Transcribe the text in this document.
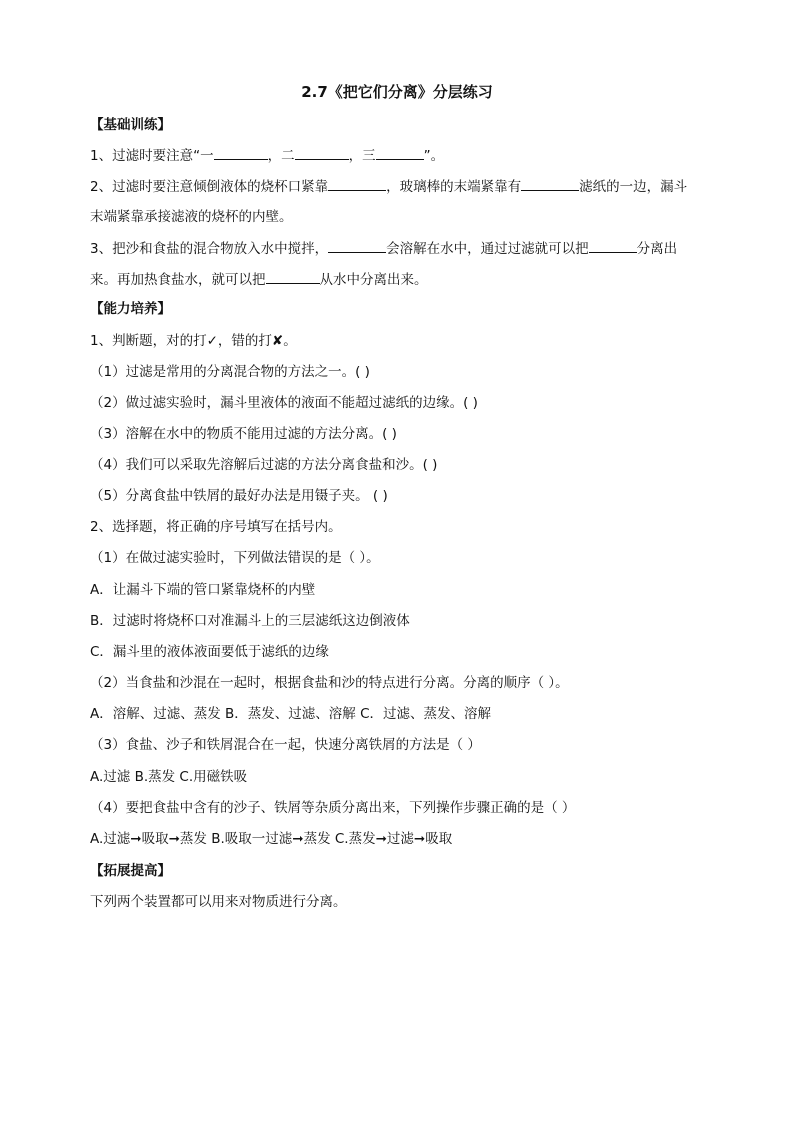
2.7《把它们分离》分层练习
【基础训练】
1、过滤时要注意“一	，二	，三	”。
2、过滤时要注意倾倒液体的烧杯口紧靠	，玻璃棒的末端紧靠有	滤纸的一边，漏斗
末端紧靠承接滤液的烧杯的内壁。
3、把沙和食盐的混合物放入水中搅拌，	会溶解在水中，通过过滤就可以把	分离出
来。再加热食盐水，就可以把	从水中分离出来。
【能力培养】
1、判断题，对的打✓，错的打✘。
（1）过滤是常用的分离混合物的方法之一。( )
（2）做过滤实验时，漏斗里液体的液面不能超过滤纸的边缘。( )
（3）溶解在水中的物质不能用过滤的方法分离。( )
（4）我们可以采取先溶解后过滤的方法分离食盐和沙。( )
（5）分离食盐中铁屑的最好办法是用镊子夹。 ( )
2、选择题，将正确的序号填写在括号内。
（1）在做过滤实验时，下列做法错误的是（ ）。
A．让漏斗下端的管口紧靠烧杯的内壁
B．过滤时将烧杯口对准漏斗上的三层滤纸这边倒液体
C．漏斗里的液体液面要低于滤纸的边缘
（2）当食盐和沙混在一起时，根据食盐和沙的特点进行分离。分离的顺序（ ）。
A．溶解、过滤、蒸发 B．蒸发、过滤、溶解 C．过滤、蒸发、溶解
（3）食盐、沙子和铁屑混合在一起，快速分离铁屑的方法是（ ）
A.过滤 B.蒸发 C.用磁铁吸
（4）要把食盐中含有的沙子、铁屑等杂质分离出来，下列操作步骤正确的是（ ）
A.过滤➞吸取➞蒸发 B.吸取一过滤➞蒸发 C.蒸发➞过滤➞吸取
【拓展提高】
下列两个装置都可以用来对物质进行分离。
